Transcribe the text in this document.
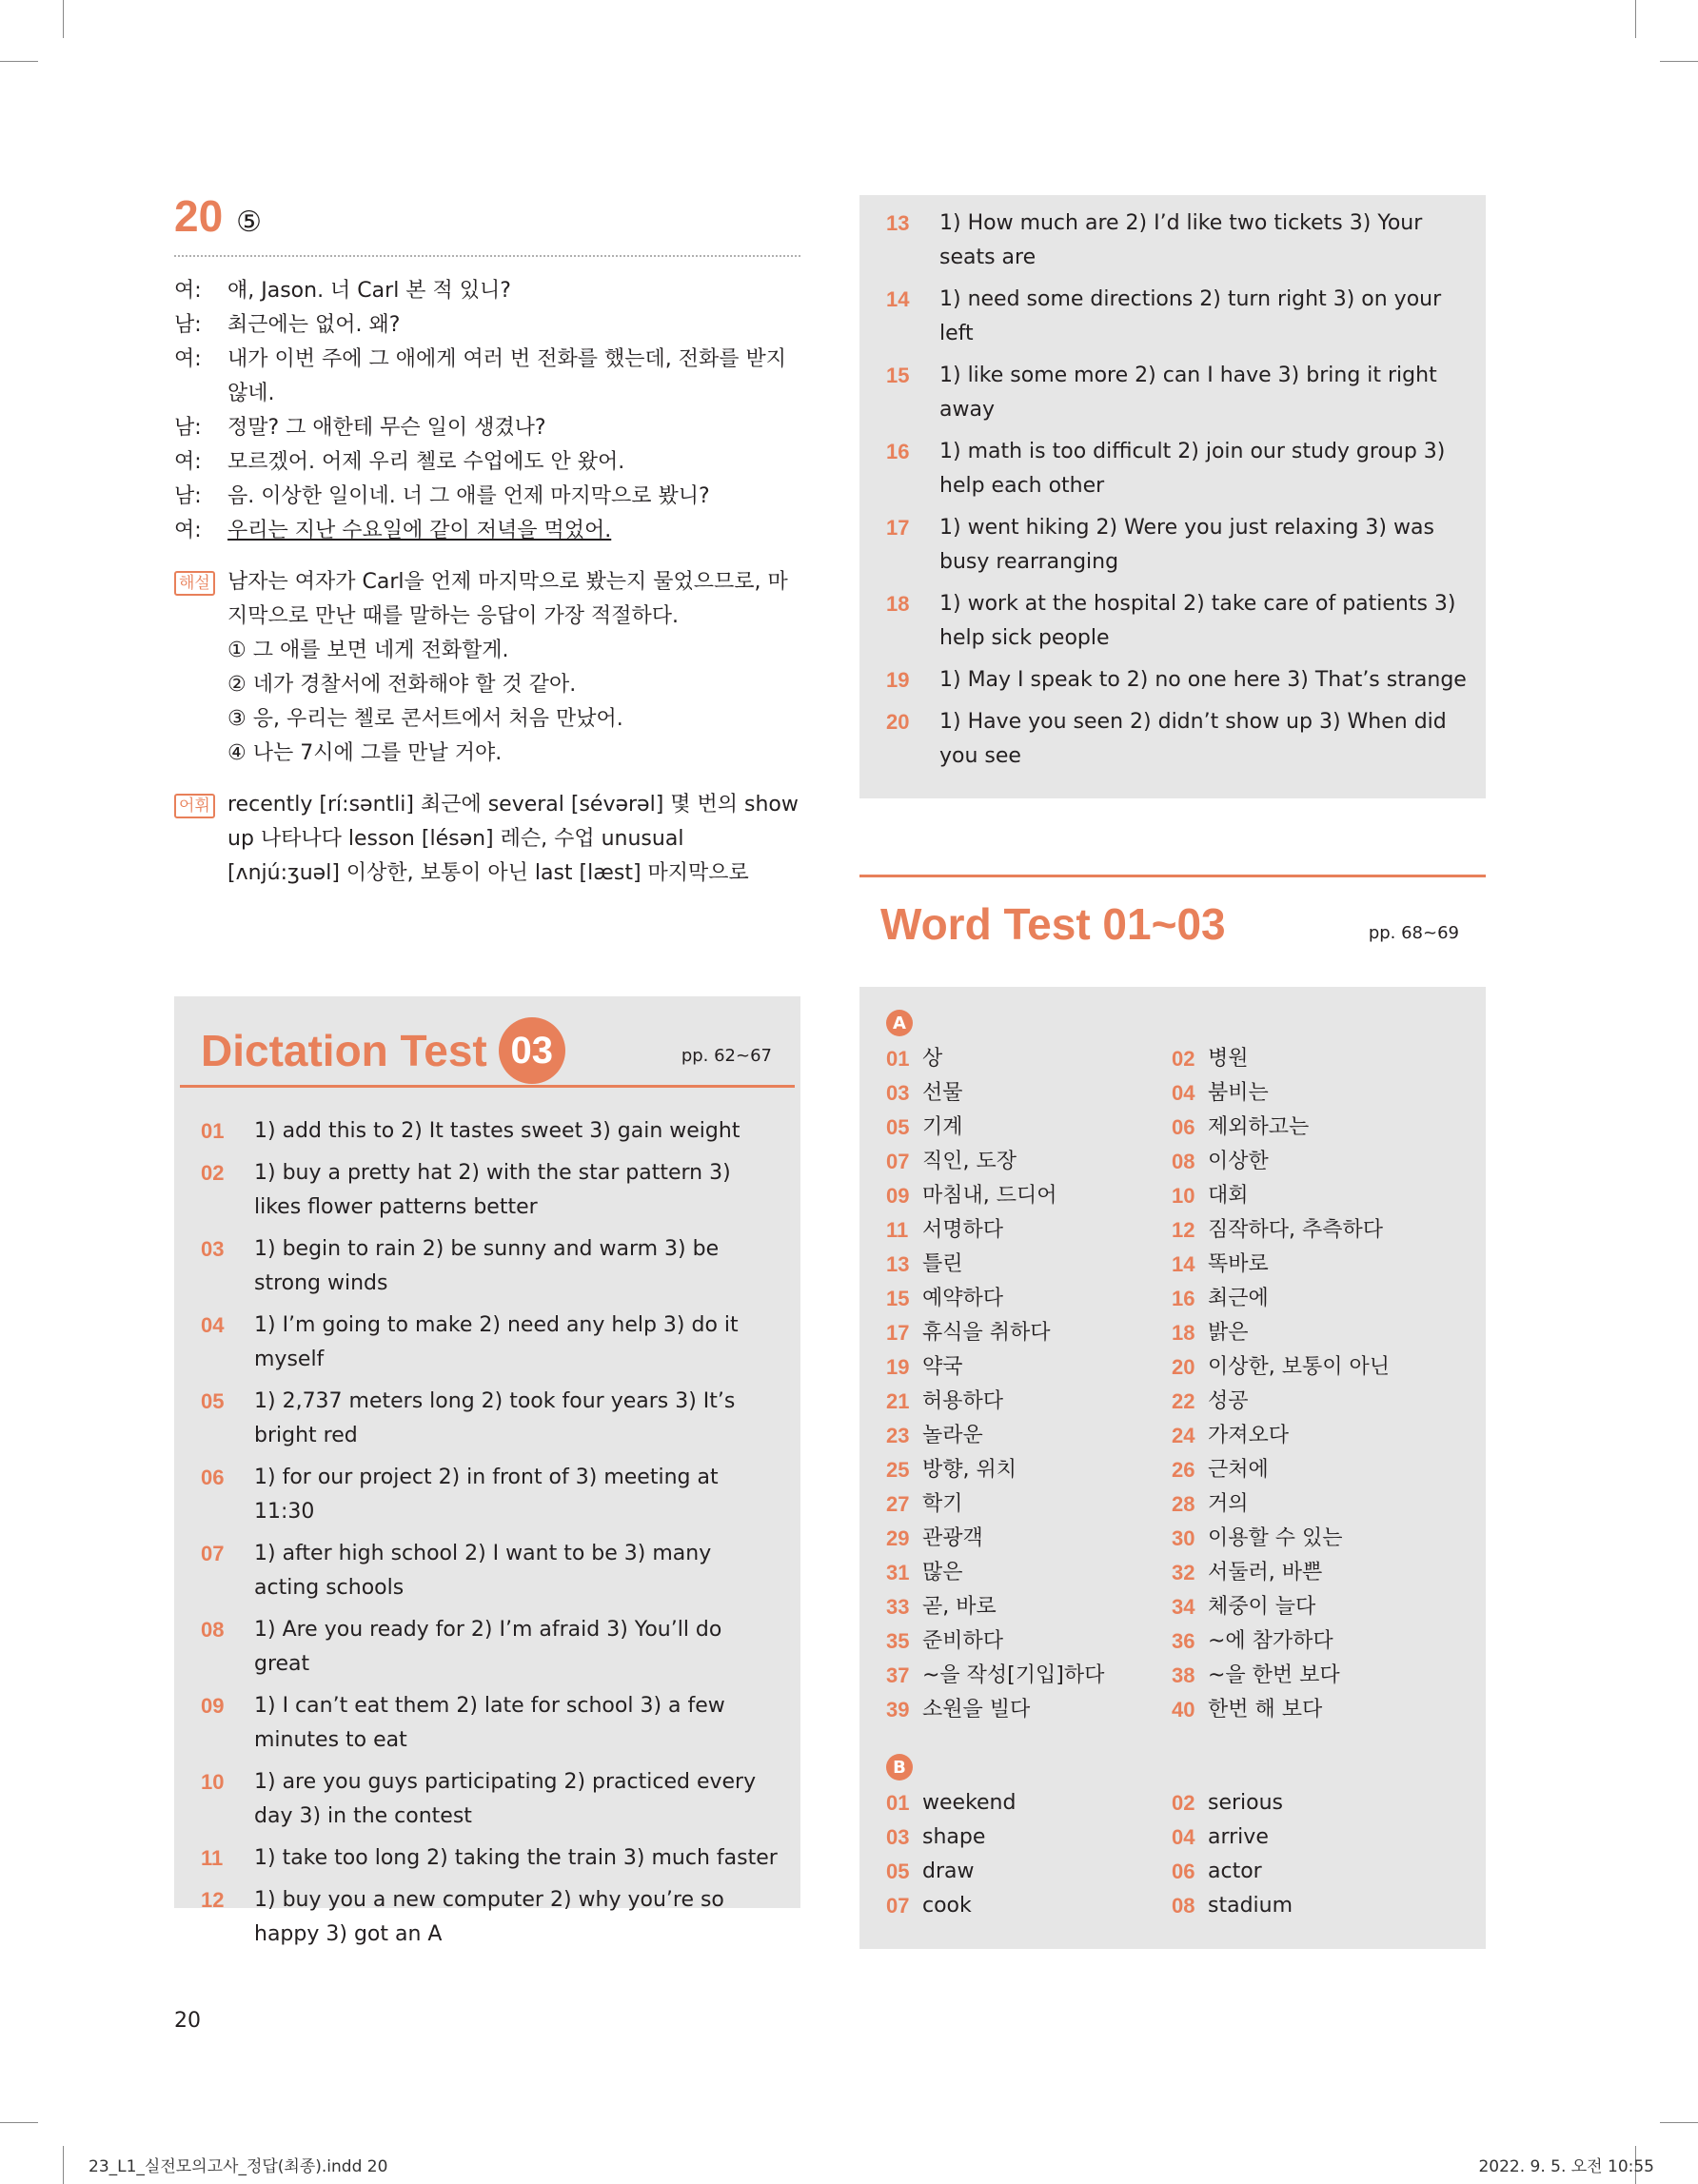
20 ⑤
여:	얘, Jason. 너 Carl 본 적 있니?
남:	최근에는 없어. 왜?
여:	내가 이번 주에 그 애에게 여러 번 전화를 했는데, 전화를 받지 않네.
남:	정말? 그 애한테 무슨 일이 생겼나?
여:	모르겠어. 어제 우리 첼로 수업에도 안 왔어.
남:	음. 이상한 일이네. 너 그 애를 언제 마지막으로 봤니?
여:	우리는 지난 수요일에 같이 저녁을 먹었어.
해설 남자는 여자가 Carl을 언제 마지막으로 봤는지 물었으므로, 마지막으로 만난 때를 말하는 응답이 가장 적절하다.
① 그 애를 보면 네게 전화할게.
② 네가 경찰서에 전화해야 할 것 같아.
③ 응, 우리는 첼로 콘서트에서 처음 만났어.
④ 나는 7시에 그를 만날 거야.
어휘 recently [rí:səntli] 최근에 several [sévərəl] 몇 번의 show up 나타나다 lesson [lésən] 레슨, 수업 unusual [ʌnjú:ʒuəl] 이상한, 보통이 아닌 last [læst] 마지막으로
Dictation Test 03	pp. 62~67
01	1) add this to 2) It tastes sweet 3) gain weight
02	1) buy a pretty hat 2) with the star pattern 3) likes flower patterns better
03	1) begin to rain 2) be sunny and warm 3) be strong winds
04	1) I’m going to make 2) need any help 3) do it myself
05	1) 2,737 meters long 2) took four years 3) It’s bright red
06	1) for our project 2) in front of 3) meeting at 11:30
07	1) after high school 2) I want to be 3) many acting schools
08	1) Are you ready for 2) I’m afraid 3) You’ll do great
09	1) I can’t eat them 2) late for school 3) a few minutes to eat
10	1) are you guys participating 2) practiced every day 3) in the contest
11	1) take too long 2) taking the train 3) much faster
12	1) buy you a new computer 2) why you’re so happy 3) got an A
13	1) How much are 2) I’d like two tickets 3) Your seats are
14	1) need some directions 2) turn right 3) on your left
15	1) like some more 2) can I have 3) bring it right away
16	1) math is too difficult 2) join our study group 3) help each other
17	1) went hiking 2) Were you just relaxing 3) was busy rearranging
18	1) work at the hospital 2) take care of patients 3) help sick people
19	1) May I speak to 2) no one here 3) That’s strange
20	1) Have you seen 2) didn’t show up 3) When did you see
Word Test 01~03	pp. 68~69
A
01 상	02 병원
03 선물	04 붐비는
05 기계	06 제외하고는
07 직인, 도장	08 이상한
09 마침내, 드디어	10 대회
11 서명하다	12 짐작하다, 추측하다
13 틀린	14 똑바로
15 예약하다	16 최근에
17 휴식을 취하다	18 밝은
19 약국	20 이상한, 보통이 아닌
21 허용하다	22 성공
23 놀라운	24 가져오다
25 방향, 위치	26 근처에
27 학기	28 거의
29 관광객	30 이용할 수 있는
31 많은	32 서둘러, 바쁜
33 곧, 바로	34 체중이 늘다
35 준비하다	36 ~에 참가하다
37 ~을 작성[기입]하다	38 ~을 한번 보다
39 소원을 빌다	40 한번 해 보다
B
01 weekend	02 serious
03 shape	04 arrive
05 draw	06 actor
07 cook	08 stadium
20
23_L1_실전모의고사_정답(최종).indd 20	2022. 9. 5. 오전 10:55
